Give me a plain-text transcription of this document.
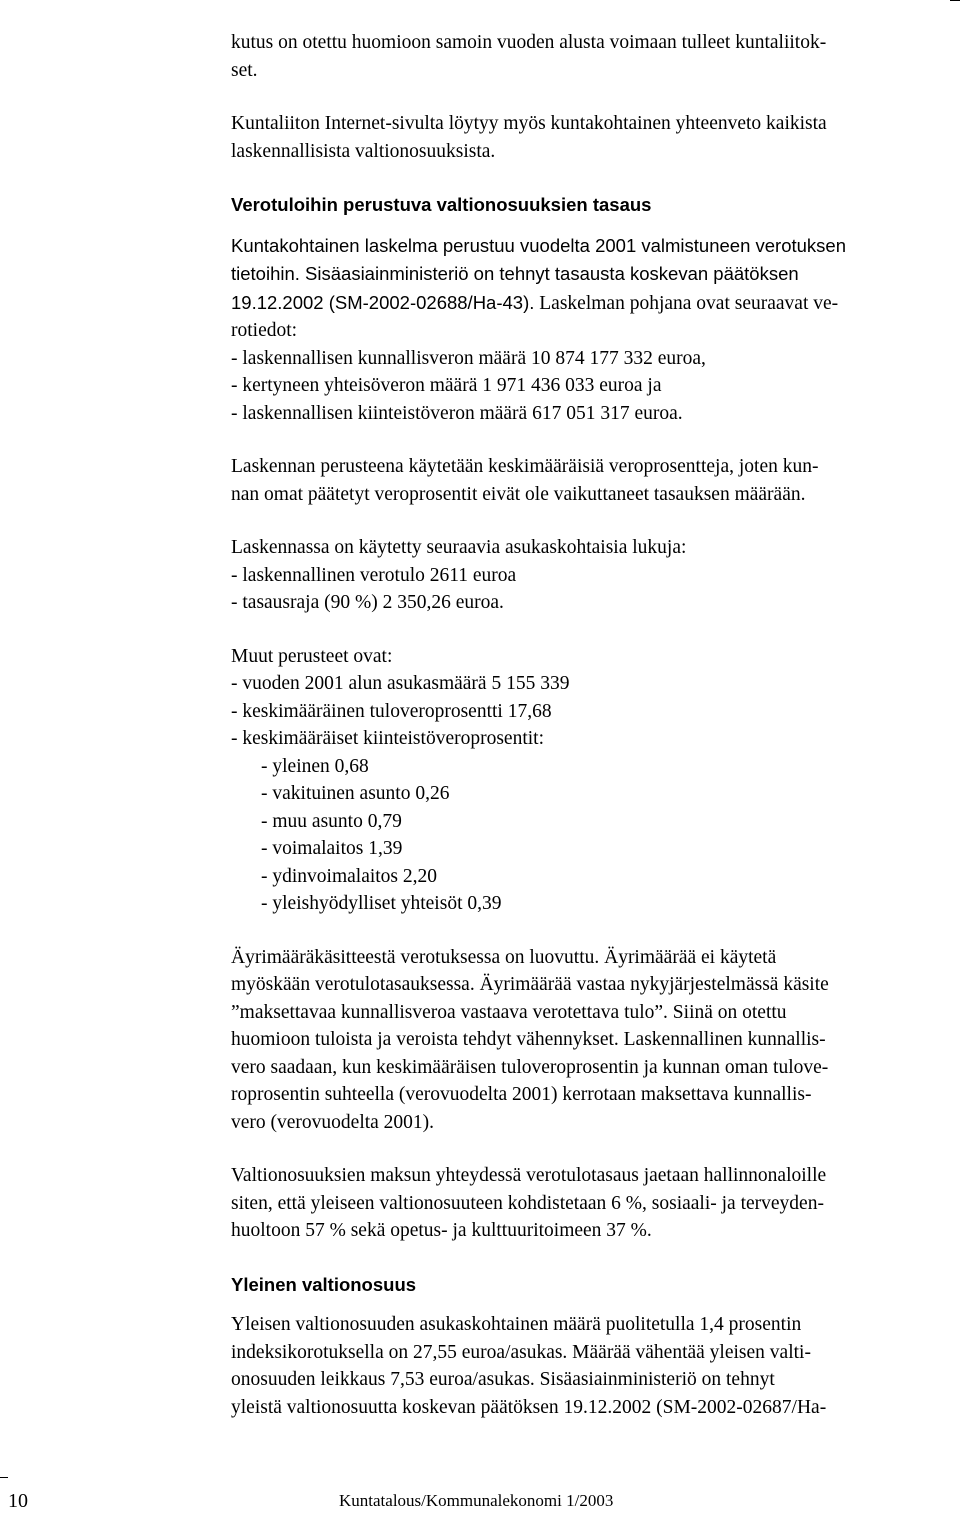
kutus on otettu huomioon samoin vuoden alusta voimaan tulleet kuntaliitok-
set.

Kuntaliiton Internet-sivulta löytyy myös kuntakohtainen yhteenveto kaikista
laskennallisista valtionosuuksista.

Verotuloihin perustuva valtionosuuksien tasaus
Kuntakohtainen laskelma perustuu vuodelta 2001 valmistuneen verotuksen
tietoihin. Sisäasiainministeriö on tehnyt tasausta koskevan päätöksen
19.12.2002 (SM-2002-02688/Ha-43). Laskelman pohjana ovat seuraavat ve-
rotiedot:
- laskennallisen kunnallisveron määrä 10 874 177 332 euroa,
- kertyneen yhteisöveron määrä 1 971 436 033 euroa ja
- laskennallisen kiinteistöveron määrä 617 051 317 euroa.

Laskennan perusteena käytetään keskimääräisiä veroprosentteja, joten kun-
nan omat päätetyt veroprosentit eivät ole vaikuttaneet tasauksen määrään.

Laskennassa on käytetty seuraavia asukaskohtaisia lukuja:
- laskennallinen verotulo 2611 euroa
- tasausraja (90 %) 2 350,26 euroa.
Muut perusteet ovat:
- vuoden 2001 alun asukasmäärä 5 155 339
- keskimääräinen tuloveroprosentti 17,68
- keskimääräiset kiinteistöveroprosentit:
- yleinen 0,68
- vakituinen asunto 0,26
- muu asunto 0,79
- voimalaitos 1,39
- ydinvoimalaitos 2,20
- yleishyödylliset yhteisöt 0,39

Äyrimääräkäsitteestä verotuksessa on luovuttu. Äyrimäärää ei käytetä
myöskään verotulotasauksessa. Äyrimäärää vastaa nykyjärjestelmässä käsite
”maksettavaa kunnallisveroa vastaava verotettava tulo”. Siinä on otettu
huomioon tuloista ja veroista tehdyt vähennykset. Laskennallinen kunnallis-
vero saadaan, kun keskimääräisen tuloveroprosentin ja kunnan oman tulove-
roprosentin suhteella (verovuodelta 2001) kerrotaan maksettava kunnallis-
vero (verovuodelta 2001).

Valtionosuuksien maksun yhteydessä verotulotasaus jaetaan hallinnonaloille
siten, että yleiseen valtionosuuteen kohdistetaan 6 %, sosiaali- ja terveyden-
huoltoon 57 % sekä opetus- ja kulttuuritoimeen 37 %.

Yleinen valtionosuus

Yleisen valtionosuuden asukaskohtainen määrä puolitetulla 1,4 prosentin
indeksikorotuksella on 27,55 euroa/asukas. Määrää vähentää yleisen valti-
onosuuden leikkaus 7,53 euroa/asukas. Sisäasiainministeriö on tehnyt
yleistä valtionosuutta koskevan päätöksen 19.12.2002 (SM-2002-02687/Ha-

10	Kuntatalous/Kommunalekonomi 1/2003
